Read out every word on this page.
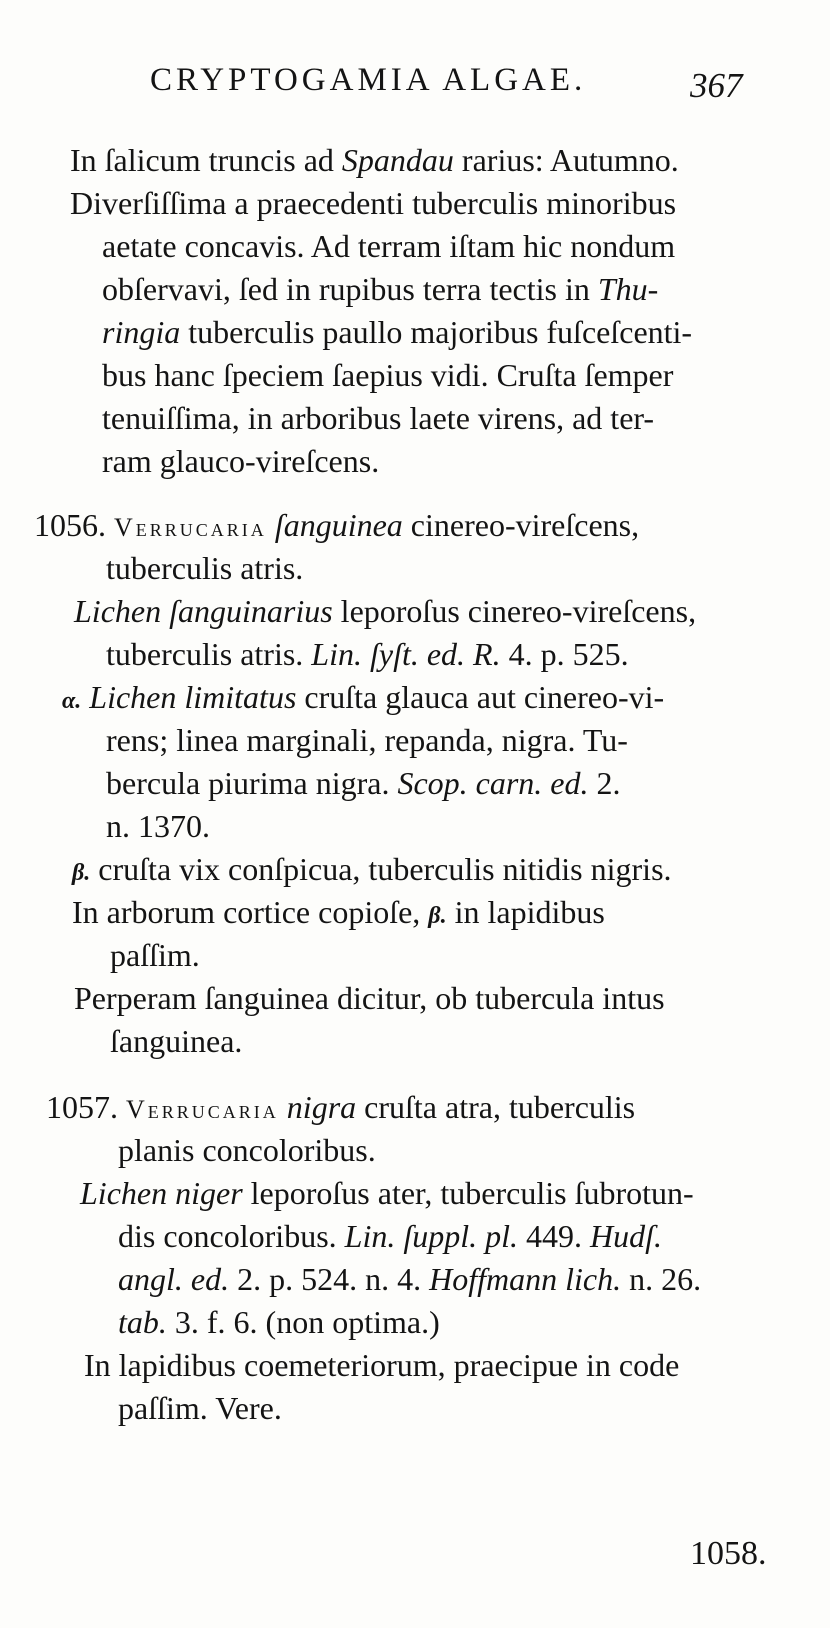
CRYPTOGAMIA ALGAE.	367
In ſalicum truncis ad Spandau rarius: Autumno.
Diverſiſſima a praecedenti tuberculis minoribus
aetate concavis. Ad terram iſtam hic nondum
obſervavi, ſed in rupibus terra tectis in Thu-
ringia tuberculis paullo majoribus fuſceſcenti-
bus hanc ſpeciem ſaepius vidi. Cruſta ſemper
tenuiſſima, in arboribus laete virens, ad ter-
ram glauco-vireſcens.
1056. Verrucaria ſanguinea cinereo-vireſcens,
tuberculis atris.
Lichen ſanguinarius leporoſus cinereo-vireſcens,
tuberculis atris. Lin. ſyſt. ed. R. 4. p. 525.
α. Lichen limitatus cruſta glauca aut cinereo-vi-
rens; linea marginali, repanda, nigra. Tu-
bercula piurima nigra. Scop. carn. ed. 2.
n. 1370.
β. cruſta vix conſpicua, tuberculis nitidis nigris.
In arborum cortice copioſe, β. in lapidibus
paſſim.
Perperam ſanguinea dicitur, ob tubercula intus
ſanguinea.
1057. Verrucaria nigra cruſta atra, tuberculis
planis concoloribus.
Lichen niger leporoſus ater, tuberculis ſubrotun-
dis concoloribus. Lin. ſuppl. pl. 449. Hudſ.
angl. ed. 2. p. 524. n. 4. Hoffmann lich. n. 26.
tab. 3. f. 6. (non optima.)
In lapidibus coemeteriorum, praecipue in code
paſſim. Vere.
1058.
